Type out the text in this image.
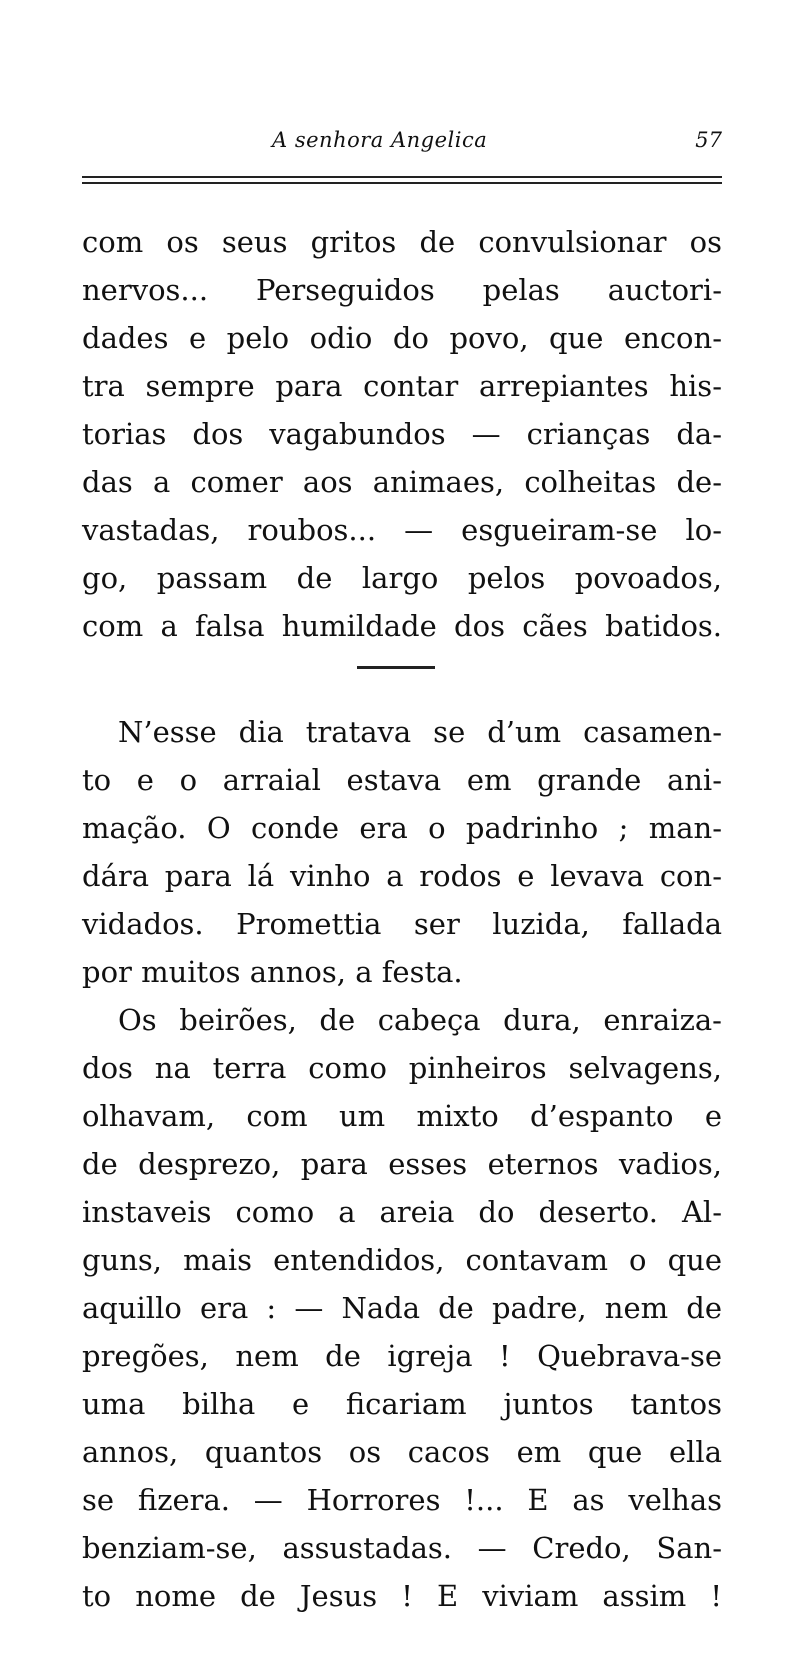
A senhora Angelica	57
com os seus gritos de convulsionar os
nervos... Perseguidos pelas auctori-
dades e pelo odio do povo, que encon-
tra sempre para contar arrepiantes his-
torias dos vagabundos — crianças da-
das a comer aos animaes, colheitas de-
vastadas, roubos... — esgueiram-se lo-
go, passam de largo pelos povoados,
com a falsa humildade dos cães batidos.
N’esse dia tratava se d’um casamen-
to e o arraial estava em grande ani-
mação. O conde era o padrinho ; man-
dára para lá vinho a rodos e levava con-
vidados. Promettia ser luzida, fallada
por muitos annos, a festa.
Os beirões, de cabeça dura, enraiza-
dos na terra como pinheiros selvagens,
olhavam, com um mixto d’espanto e
de desprezo, para esses eternos vadios,
instaveis como a areia do deserto. Al-
guns, mais entendidos, contavam o que
aquillo era : — Nada de padre, nem de
pregões, nem de igreja ! Quebrava-se
uma bilha e ficariam juntos tantos
annos, quantos os cacos em que ella
se fizera. — Horrores !... E as velhas
benziam-se, assustadas. — Credo, San-
to nome de Jesus ! E viviam assim !
